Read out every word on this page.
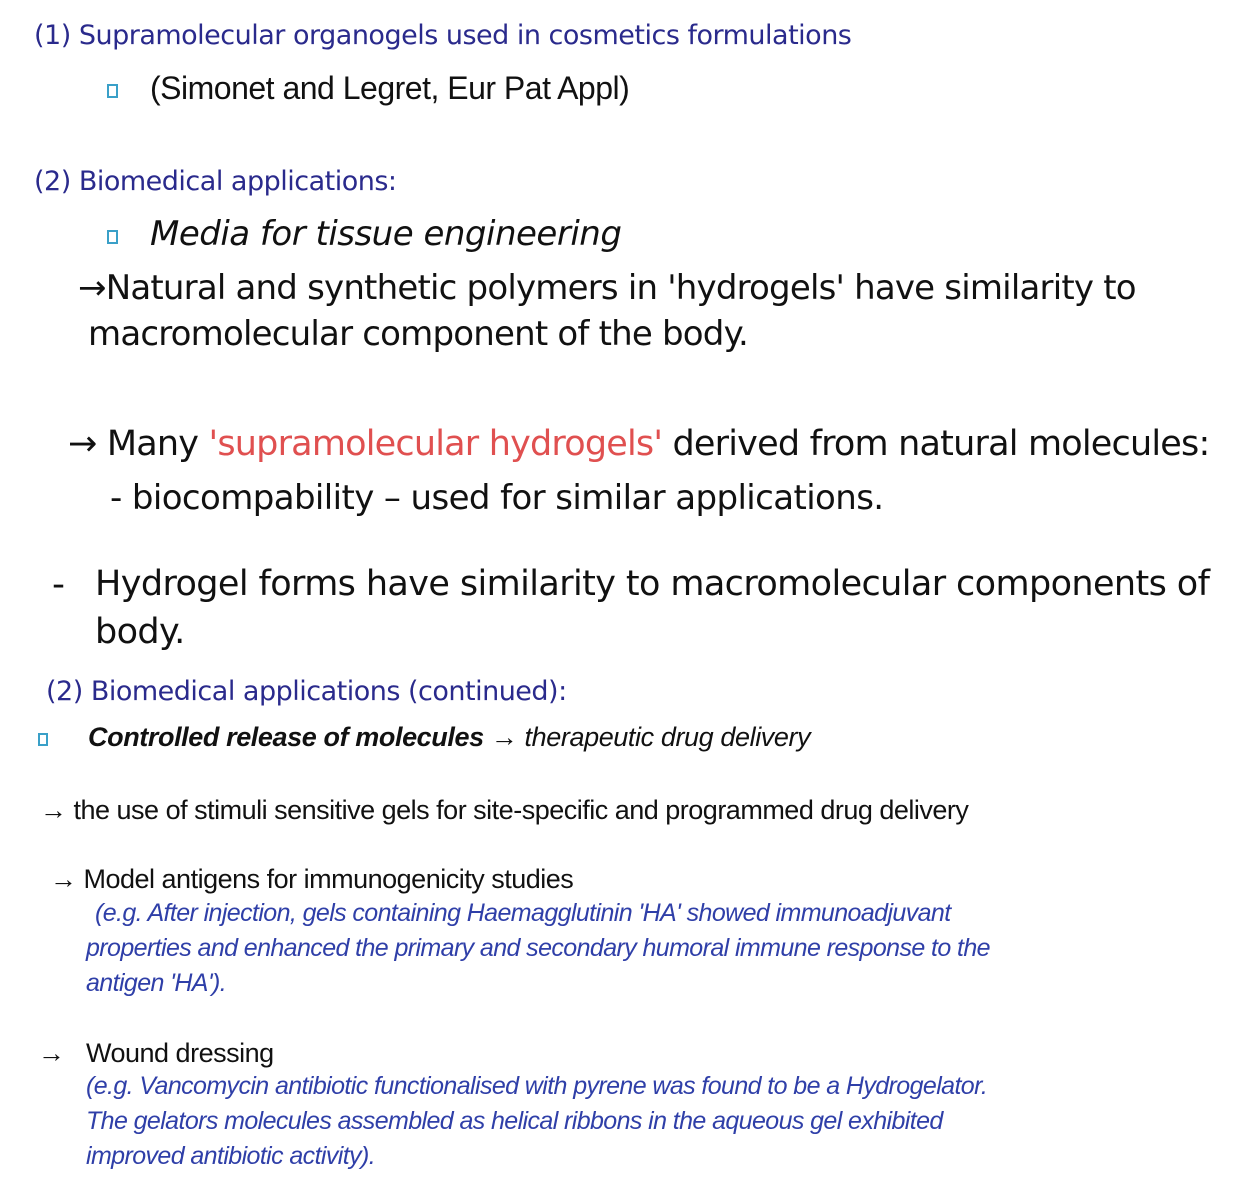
(1) Supramolecular organogels used in cosmetics formulations
(Simonet and Legret, Eur Pat Appl)
(2) Biomedical applications:
Media for tissue engineering
→Natural and synthetic polymers in 'hydrogels' have similarity to
macromolecular component of the body.
→ Many 'supramolecular hydrogels' derived from natural molecules:
- biocompability – used for similar applications.
- Hydrogel forms have similarity to macromolecular components of
body.
(2) Biomedical applications (continued):
Controlled release of molecules → therapeutic drug delivery
→ the use of stimuli sensitive gels for site-specific and programmed drug delivery
→ Model antigens for immunogenicity studies
(e.g. After injection, gels containing Haemagglutinin 'HA' showed immunoadjuvant
properties and enhanced the primary and secondary humoral immune response to the
antigen 'HA').
→ Wound dressing
(e.g. Vancomycin antibiotic functionalised with pyrene was found to be a Hydrogelator.
The gelators molecules assembled as helical ribbons in the aqueous gel exhibited
improved antibiotic activity).
